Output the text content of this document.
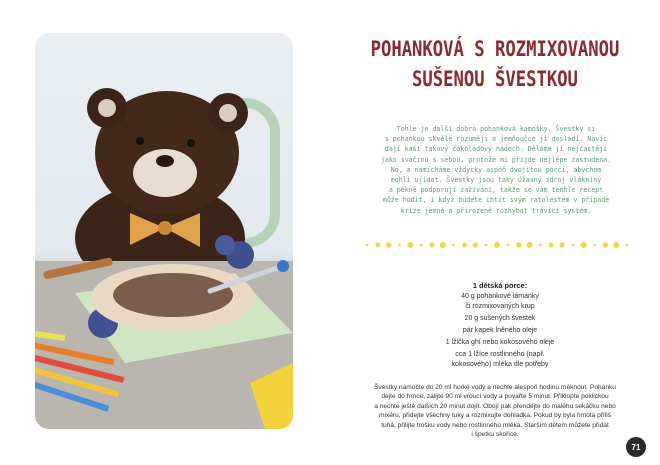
POHANKOVÁ S ROZMIXOVANOU
SUŠENOU ŠVESTKOU

Tohle je další dobrá pohanková kamošky. Švestky si
s pohankou skvěle rozumějí a jemňoučce ji dosladí. Navíc
dají kaši takový čokoládový nádech. Děláme ji nejčastěji
jako svačinu s sebou, protože mi přijde nejlépe zastudena.
No, a namícháme vždycky aspoň dvojitou porci, abychom
mohli ujídat. Švestky jsou taky úžasný zdroj vlákniny
a pěkně podporují zažívání, takže se vám tenhle recept
může hodit, i když budete chtít svým ratolestem v případě
krize jemně a přirozeně rozhýbat trávicí systém.

1 dětská porce:
40 g pohankové lámanky
či rozmixovaných krup
20 g sušených švestek
pár kapek lněného oleje
1 lžička ghí nebo kokosového oleje
cca 1 lžíce rostlinného (např.
kokosového) mléka dle potřeby

Švestky namočte do 20 ml horké vody a nechte alespoň hodinu měknout. Pohanku
dejte do hrnce, zalijte 90 ml vroucí vody a povařte 5 minut. Přiklopte pokličkou
a nechte ještě dalších 20 minut dojít. Obojí pak přendejte do malého sekáčku nebo
mixéru, přidejte všechny tuky a rozmixujte dohladka. Pokud by byla hmota příliš
tuhá, přilijte trošku vody nebo rostlinného mléka. Starším dětem můžete přidat
i špetku skořice.

71
